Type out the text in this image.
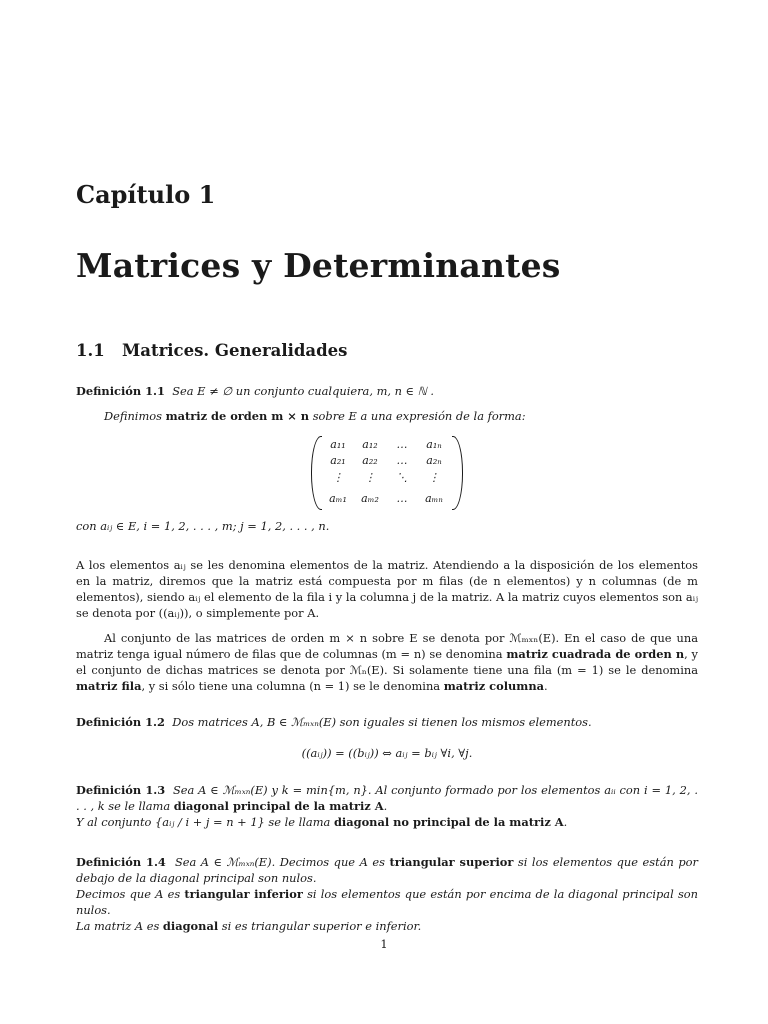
Capítulo 1
Matrices y Determinantes
1.1 Matrices. Generalidades
Definición 1.1 Sea E ≠ ∅ un conjunto cualquiera, m, n ∈ ℕ .
Definimos matriz de orden m × n sobre E a una expresión de la forma:
a₁₁	a₁₂	…	a₁ₙ
a₂₁	a₂₂	…	a₂ₙ
⋮	⋮	⋱	⋮
aₘ₁	aₘ₂	…	aₘₙ
con aᵢⱼ ∈ E, i = 1, 2, . . . , m; j = 1, 2, . . . , n.
A los elementos aᵢⱼ se les denomina elementos de la matriz. Atendiendo a la disposición de los elementos en la matriz, diremos que la matriz está compuesta por m filas (de n elementos) y n columnas (de m elementos), siendo aᵢⱼ el elemento de la fila i y la columna j de la matriz. A la matriz cuyos elementos son aᵢⱼ se denota por ((aᵢⱼ)), o simplemente por A.
Al conjunto de las matrices de orden m × n sobre E se denota por ℳₘₓₙ(E). En el caso de que una matriz tenga igual número de filas que de columnas (m = n) se denomina matriz cuadrada de orden n, y el conjunto de dichas matrices se denota por ℳₙ(E). Si solamente tiene una fila (m = 1) se le denomina matriz fila, y si sólo tiene una columna (n = 1) se le denomina matriz columna.
Definición 1.2 Dos matrices A, B ∈ ℳₘₓₙ(E) son iguales si tienen los mismos elementos.
((aᵢⱼ)) = ((bᵢⱼ)) ⇔ aᵢⱼ = bᵢⱼ ∀i, ∀j.
Definición 1.3 Sea A ∈ ℳₘₓₙ(E) y k = min{m, n}. Al conjunto formado por los elementos aᵢᵢ con i = 1, 2, . . . , k se le llama diagonal principal de la matriz A.
Y al conjunto {aᵢⱼ / i + j = n + 1} se le llama diagonal no principal de la matriz A.
Definición 1.4 Sea A ∈ ℳₘₓₙ(E). Decimos que A es triangular superior si los elementos que están por debajo de la diagonal principal son nulos.
Decimos que A es triangular inferior si los elementos que están por encima de la diagonal principal son nulos.
La matriz A es diagonal si es triangular superior e inferior.
1
